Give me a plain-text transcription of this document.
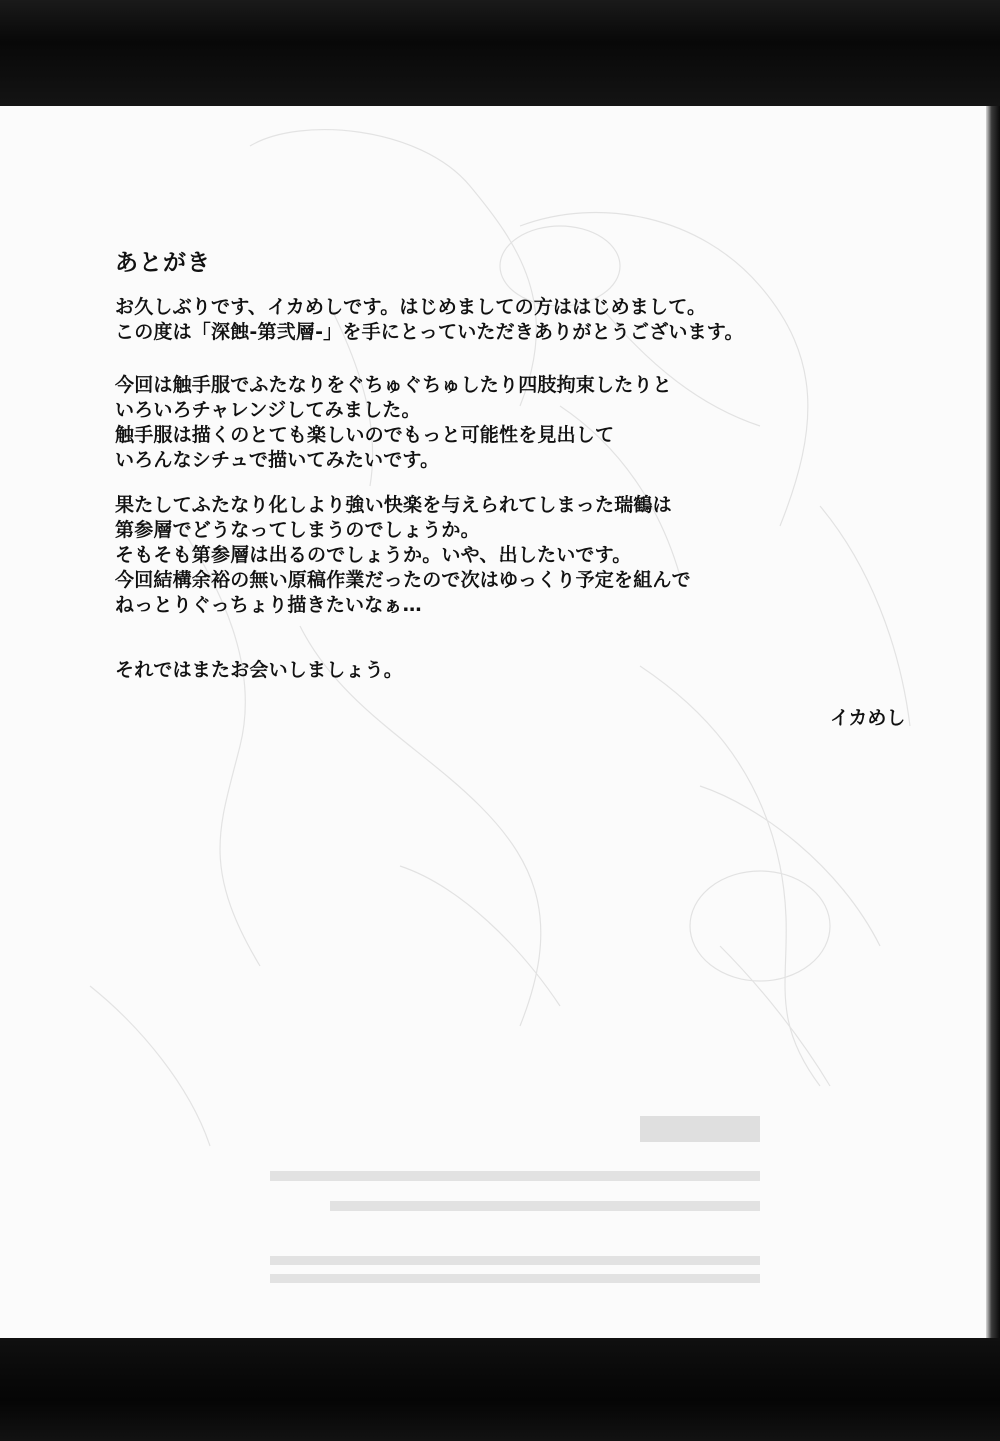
あとがき
お久しぶりです、イカめしです。はじめましての方ははじめまして。
この度は「深蝕-第弐層-」を手にとっていただきありがとうございます。
今回は触手服でふたなりをぐちゅぐちゅしたり四肢拘束したりと
いろいろチャレンジしてみました。
触手服は描くのとても楽しいのでもっと可能性を見出して
いろんなシチュで描いてみたいです。
果たしてふたなり化しより強い快楽を与えられてしまった瑞鶴は
第参層でどうなってしまうのでしょうか。
そもそも第参層は出るのでしょうか。いや、出したいです。
今回結構余裕の無い原稿作業だったので次はゆっくり予定を組んで
ねっとりぐっちょり描きたいなぁ…
それではまたお会いしましょう。
イカめし
